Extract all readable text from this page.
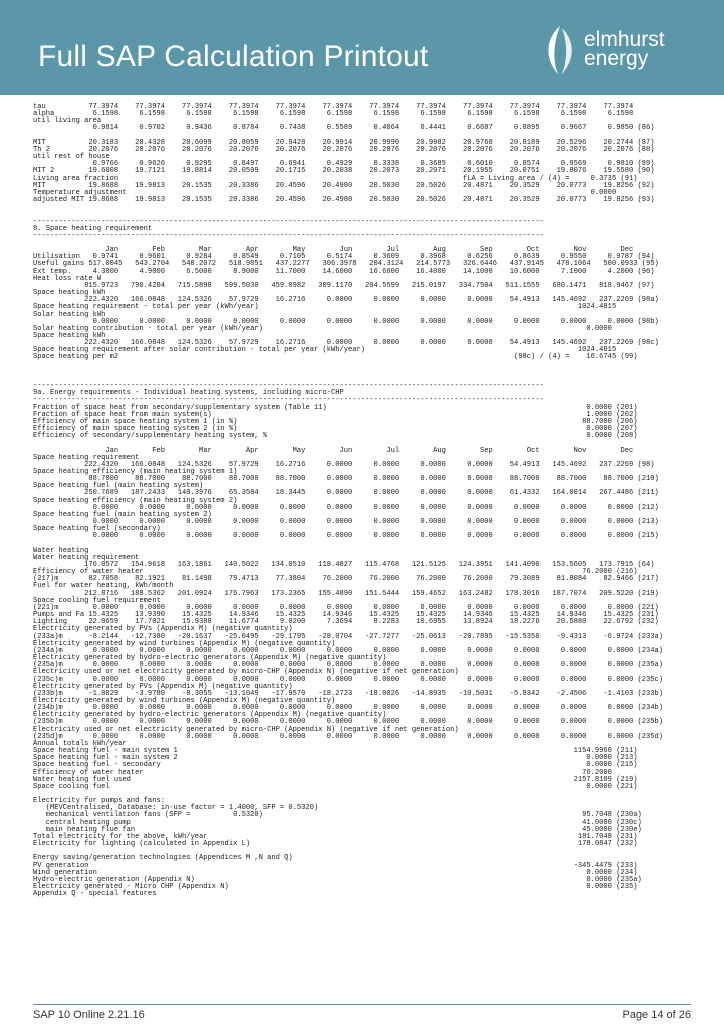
Full SAP Calculation Printout
elmhurst
energy
tau          77.3974    77.3974    77.3974    77.3974    77.3974    77.3974    77.3974    77.3974    77.3974    77.3974    77.3974    77.3974
alpha         6.1598     6.1598     6.1598     6.1598     6.1598     6.1598     6.1598     6.1598     6.1598     6.1598     6.1598     6.1598
util living area
0.9814     0.9702     0.9436     0.8784     0.7438     0.5589     0.4064     0.4441     0.6687     0.8895     0.9667     0.9850 (86)

MIT          20.3183    20.4328    20.6099    20.8059    20.9428    20.9914    20.9990    20.9982    20.9760    20.8189    20.5296    20.2744 (87)
Th 2         20.2076    20.2076    20.2076    20.2076    20.2076    20.2076    20.2076    20.2076    20.2076    20.2076    20.2076    20.2076 (88)
util rest of house
0.9766     0.9626     0.9295     0.8497     0.6941     0.4929     0.3338     0.3685     0.6010     0.8574     0.9569     0.9810 (89)
MIT 2        19.6008    19.7121    19.8814    20.0599    20.1715    20.2038    20.2073    20.2071    20.1955    20.0751    19.8076    19.5580 (90)
Living area fraction                                                                                 fLA = Living area / (4) =     0.3735 (91)
MIT          19.8688    19.9813    20.1535    20.3386    20.4596    20.4980    20.5030    20.5026    20.4871    20.3529    20.0773    19.8256 (92)
Temperature adjustment                                                                                                             0.0000
adjusted MIT 19.8688    19.9813    20.1535    20.3386    20.4596    20.4980    20.5030    20.5026    20.4871    20.3529    20.0773    19.8256 (93)

------------------------------------------------------------------------------------------------------------------------
8. Space heating requirement
------------------------------------------------------------------------------------------------------------------------

Jan        Feb        Mar        Apr        May        Jun        Jul        Aug        Sep        Oct        Nov        Dec
Utilisation   0.9741     0.9601     0.9284     0.8549     0.7105     0.5174     0.3609     0.3968     0.6256     0.8639     0.9550     0.9787 (94)
Useful gains 517.0045   543.2704   548.2072   518.9851   437.2277   306.3978   204.3124   214.5773   326.6446   437.9145   478.1064   500.0933 (95)
Ext temp.     4.3000     4.9000     6.5000     8.9000    11.7000    14.6000    16.6000    16.4000    14.1000    10.6000     7.1000     4.2000 (96)
Heat loss rate W
815.9723   790.4204   715.5898   599.5030   459.0982   309.1170   204.5599   215.0197   334.7504   511.1555   680.1471   818.9467 (97)
Space heating kWh
222.4320   166.0848   124.5326    57.9729    16.2716     0.0000     0.0000     0.0000     0.0000    54.4913   145.4692   237.2269 (98a)
Space heating requirement - total per year (kWh/year)                                                                           1024.4815
Solar heating kWh
0.0000     0.0000     0.0000     0.0000     0.0000     0.0000     0.0000     0.0000     0.0000     0.0000     0.0000     0.0000 (98b)
Solar heating contribution - total per year (kWh/year)                                                                            0.0000
Space heating kWh
222.4320   166.0848   124.5326    57.9729    16.2716     0.0000     0.0000     0.0000     0.0000    54.4913   145.4692   237.2269 (98c)
Space heating requirement after solar contribution - total per year (kWh/year)                                                  1024.4815
Space heating per m2                                                                                             (98c) / (4) =    16.6745 (99)

------------------------------------------------------------------------------------------------------------------------
9a. Energy requirements - Individual heating systems, including micro-CHP
------------------------------------------------------------------------------------------------------------------------
Fraction of space heat from secondary/supplementary system (Table 11)                                                             0.0000 (201)
Fraction of space heat from main system(s)                                                                                        1.0000 (202)
Efficiency of main space heating system 1 (in %)                                                                                 88.7000 (206)
Efficiency of main space heating system 2 (in %)                                                                                  0.0000 (207)
Efficiency of secondary/supplementary heating system, %                                                                           0.0000 (208)

Jan        Feb        Mar        Apr        May        Jun        Jul        Aug        Sep        Oct        Nov        Dec
Space heating requirement
222.4320   166.0848   124.5326    57.9729    16.2716     0.0000     0.0000     0.0000     0.0000    54.4913   145.4692   237.2269 (98)
Space heating efficiency (main heating system 1)
88.7000    88.7000    88.7000    88.7000    88.7000     0.0000     0.0000     0.0000     0.0000    88.7000    88.7000    88.7000 (210)
Space heating fuel (main heating system)
250.7689   187.2433   140.3976    65.3584    18.3445     0.0000     0.0000     0.0000     0.0000    61.4332   164.0014   267.4486 (211)
Space heating efficiency (main heating system 2)
0.0000     0.0000     0.0000     0.0000     0.0000     0.0000     0.0000     0.0000     0.0000     0.0000     0.0000     0.0000 (212)
Space heating fuel (main heating system 2)
0.0000     0.0000     0.0000     0.0000     0.0000     0.0000     0.0000     0.0000     0.0000     0.0000     0.0000     0.0000 (213)
Space heating fuel (secondary)
0.0000     0.0000     0.0000     0.0000     0.0000     0.0000     0.0000     0.0000     0.0000     0.0000     0.0000     0.0000 (215)

Water heating
Water heating requirement
176.0572   154.9618   163.1861   140.5022   134.0510   118.4827   115.4768   121.5125   124.3951   141.4090   153.5605   173.7915 (64)
Efficiency of water heater                                                                                                       76.2000 (216)
(217)m       82.7058    82.1921    81.1498    79.4713    77.3804    76.2000    76.2000    76.2000    76.2000    79.3089    81.8084    82.9466 (217)
Fuel for water heating, kWh/month
212.8716   188.5362   201.0924   176.7963   173.2365   155.4890   151.5444   159.4652   163.2482   178.3016   187.7074   209.5220 (219)
Space cooling fuel requirement
(221)m        0.0000     0.0000     0.0000     0.0000     0.0000     0.0000     0.0000     0.0000     0.0000     0.0000     0.0000     0.0000 (221)
Pumps and Fa 15.4325    13.9390    15.4325    14.9346    15.4325    14.9346    15.4325    15.4325    14.9346    15.4325    14.9346    15.4325 (231)
Lighting     22.0659    17.7021    15.9388    11.6774     9.0200     7.3694     8.2283    10.6955    13.8924    18.2276    20.5880    22.6792 (232)
Electricity generated by PVs (Appendix M) (negative quantity)
(233a)m      -8.2144   -12.7380   -20.1637   -25.0495   -29.1795   -28.0704   -27.7277   -25.0613   -20.7895   -15.5350    -9.4313    -6.9724 (233a)
Electricity generated by wind turbines (Appendix M) (negative quantity)
(234a)m       0.0000     0.0000     0.0000     0.0000     0.0000     0.0000     0.0000     0.0000     0.0000     0.0000     0.0000     0.0000 (234a)
Electricity generated by hydro-electric generators (Appendix M) (negative quantity)
(235a)m       0.0000     0.0000     0.0000     0.0000     0.0000     0.0000     0.0000     0.0000     0.0000     0.0000     0.0000     0.0000 (235a)
Electricity used or net electricity generated by micro-CHP (Appendix N) (negative if net generation)
(235c)m       0.0000     0.0000     0.0000     0.0000     0.0000     0.0000     0.0000     0.0000     0.0000     0.0000     0.0000     0.0000 (235c)
Electricity generated by PVs (Appendix M) (negative quantity)
(233b)m      -1.8029    -3.9780    -8.3055   -13.1049   -17.9570   -18.2723   -18.0026   -14.8935   -10.5031    -5.8342    -2.4506    -1.4103 (233b)
Electricity generated by wind turbines (Appendix M) (negative quantity)
(234b)m       0.0000     0.0000     0.0000     0.0000     0.0000     0.0000     0.0000     0.0000     0.0000     0.0000     0.0000     0.0000 (234b)
Electricity generated by hydro-electric generators (Appendix M) (negative quantity)
(235b)m       0.0000     0.0000     0.0000     0.0000     0.0000     0.0000     0.0000     0.0000     0.0000     0.0000     0.0000     0.0000 (235b)
Electricity used or net electricity generated by micro-CHP (Appendix N) (negative if net generation)
(235d)m       0.0000     0.0000     0.0000     0.0000     0.0000     0.0000     0.0000     0.0000     0.0000     0.0000     0.0000     0.0000 (235d)
Annual totals kWh/year
Space heating fuel - main system 1                                                                                             1154.9960 (211)
Space heating fuel - main system 2                                                                                                0.0000 (213)
Space heating fuel - secondary                                                                                                    0.0000 (215)
Efficiency of water heater                                                                                                       76.2000
Water heating fuel used                                                                                                        2157.8109 (219)
Space cooling fuel                                                                                                                0.0000 (221)

Electricity for pumps and fans:
(MEVCentralised, Database: in-use factor = 1.4000, SFP = 0.5320)
mechanical ventilation fans (SFP =          0.5320)                                                                           95.7048 (230a)
central heating pump                                                                                                          41.0000 (230c)
main heating flue fan                                                                                                         45.0000 (230e)
Total electricity for the above, kWh/year                                                                                       181.7048 (231)
Electricity for lighting (calculated in Appendix L)                                                                             178.0847 (232)

Energy saving/generation technologies (Appendices M ,N and Q)
PV generation                                                                                                                  -345.4479 (233)
Wind generation                                                                                                                   0.0000 (234)
Hydro-electric generation (Appendix N)                                                                                            0.0000 (235a)
Electricity generated - Micro CHP (Appendix N)                                                                                    0.0000 (235)
Appendix Q - special features

SAP 10 Online 2.21.16	Page 14 of 26
